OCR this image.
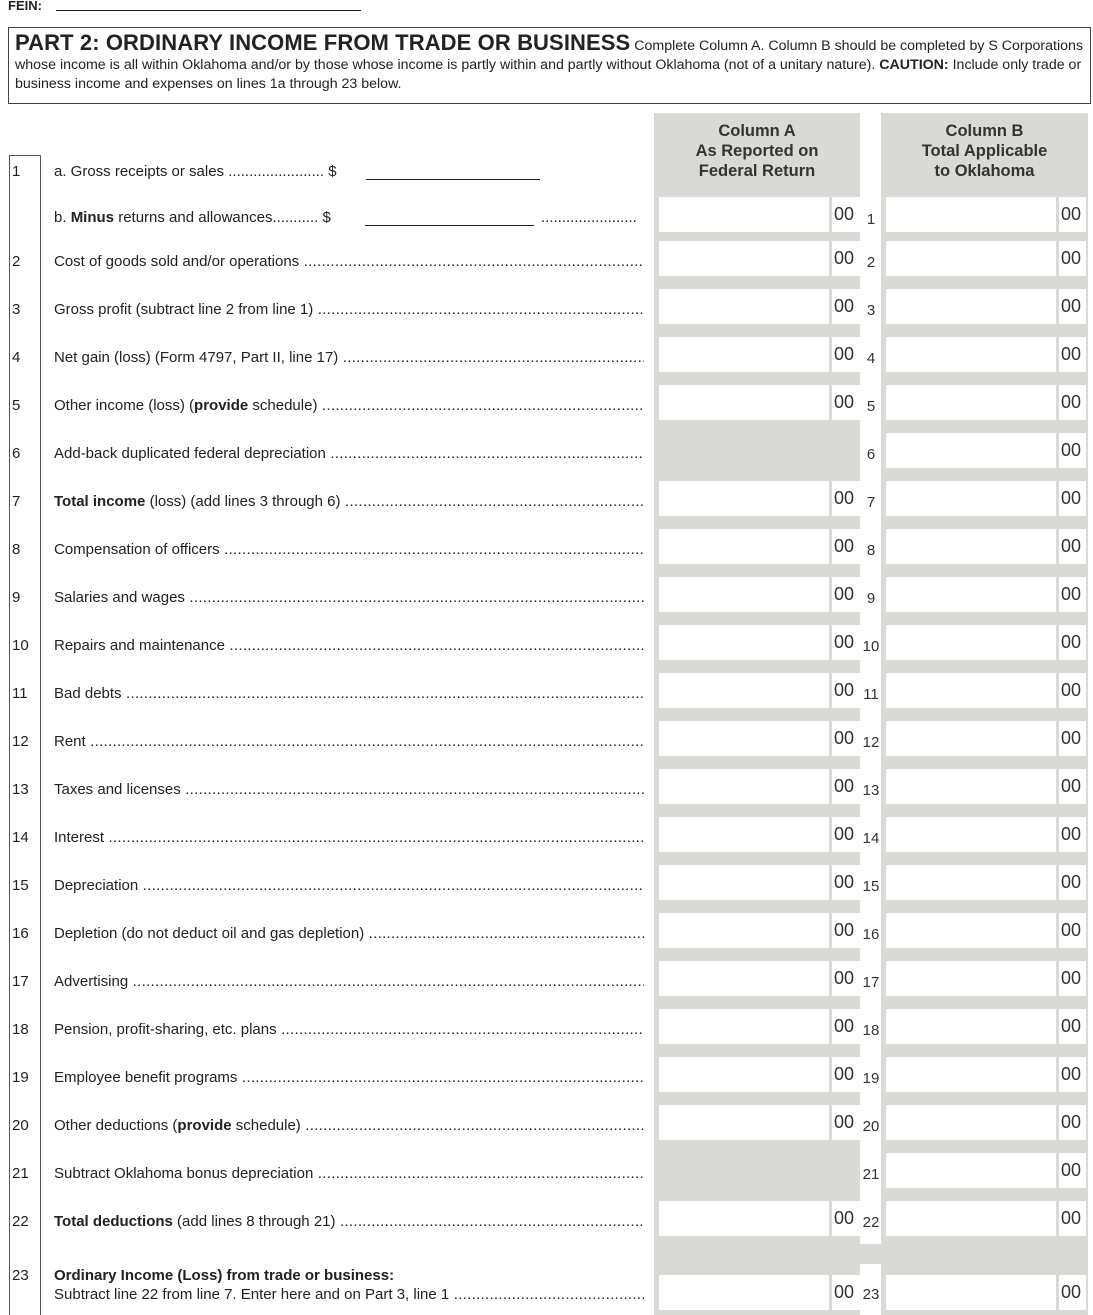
FEIN:
PART 2: ORDINARY INCOME FROM TRADE OR BUSINESS Complete Column A. Column B should be completed by S Corporations whose income is all within Oklahoma and/or by those whose income is partly within and partly without Oklahoma (not of a unitary nature). CAUTION: Include only trade or business income and expenses on lines 1a through 23 below.
Column A
As Reported on
Federal Return
Column B
Total Applicable
to Oklahoma
1	a. Gross receipts or sales ....................... $
b. Minus returns and allowances........... $	.......................	00 1	00
2	Cost of goods sold and/or operations .....	00 2	00
3	Gross profit (subtract line 2 from line 1) .....	00 3	00
4	Net gain (loss) (Form 4797, Part II, line 17) .....	00 4	00
5	Other income (loss) (provide schedule) .....	00 5	00
6	Add-back duplicated federal depreciation .....	6	00
7	Total income (loss) (add lines 3 through 6) .....	00 7	00
8	Compensation of officers .....	00 8	00
9	Salaries and wages .....	00 9	00
10	Repairs and maintenance .....	00 10	00
11	Bad debts .....	00 11	00
12	Rent .....	00 12	00
13	Taxes and licenses .....	00 13	00
14	Interest .....	00 14	00
15	Depreciation .....	00 15	00
16	Depletion (do not deduct oil and gas depletion) .....	00 16	00
17	Advertising .....	00 17	00
18	Pension, profit-sharing, etc. plans .....	00 18	00
19	Employee benefit programs .....	00 19	00
20	Other deductions (provide schedule) .....	00 20	00
21	Subtract Oklahoma bonus depreciation .....	21	00
22	Total deductions (add lines 8 through 21) .....	00 22	00
23	Ordinary Income (Loss) from trade or business:
Subtract line 22 from line 7. Enter here and on Part 3, line 1 .....	00 23	00
